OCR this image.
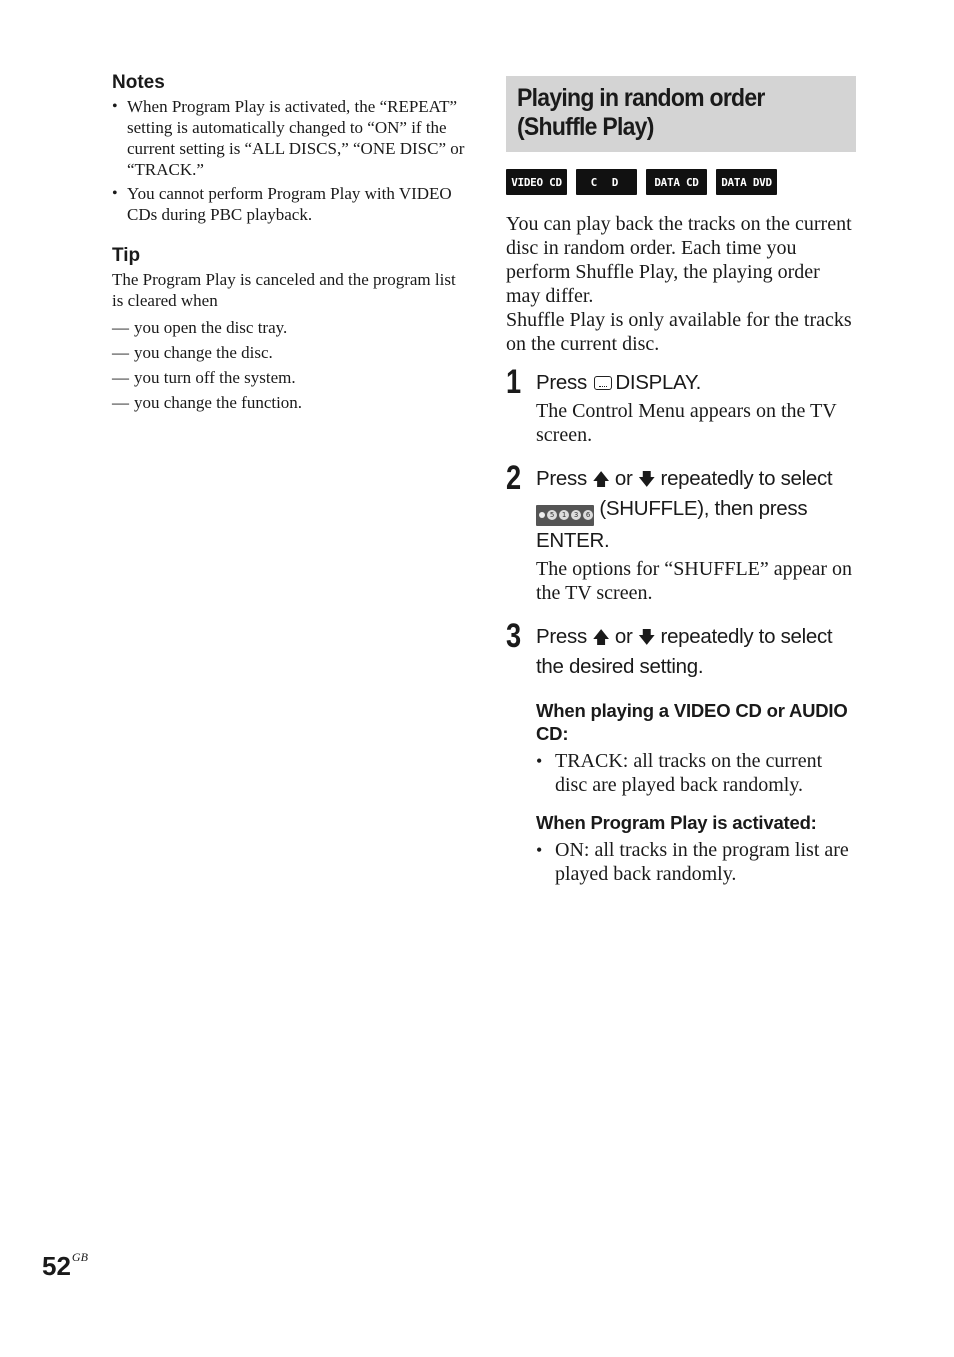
Notes
• When Program Play is activated, the “REPEAT” setting is automatically changed to “ON” if the current setting is “ALL DISCS,” “ONE DISC” or “TRACK.”
• You cannot perform Program Play with VIDEO CDs during PBC playback.
Tip

The Program Play is canceled and the program list is cleared when

— you open the disc tray.
— you change the disc.
— you turn off the system.
— you change the function.
Playing in random order
(Shuffle Play)
VIDEO CD	C D	DATA CD	DATA DVD

You can play back the tracks on the current disc in random order. Each time you perform Shuffle Play, the playing order may differ.

Shuffle Play is only available for the tracks on the current disc.

1 Press DISPLAY.
The Control Menu appears on the TV screen.
2 Press 🡅 or 🡇 repeatedly to select
5	1	3	6 (SHUFFLE), then press ENTER.
The options for “SHUFFLE” appear on the TV screen.
3 Press 🡅 or 🡇 repeatedly to select the desired setting.
When playing a VIDEO CD or AUDIO CD:
• TRACK: all tracks on the current disc are played back randomly.
When Program Play is activated:
• ON: all tracks in the program list are played back randomly.
$52^{GB}$
